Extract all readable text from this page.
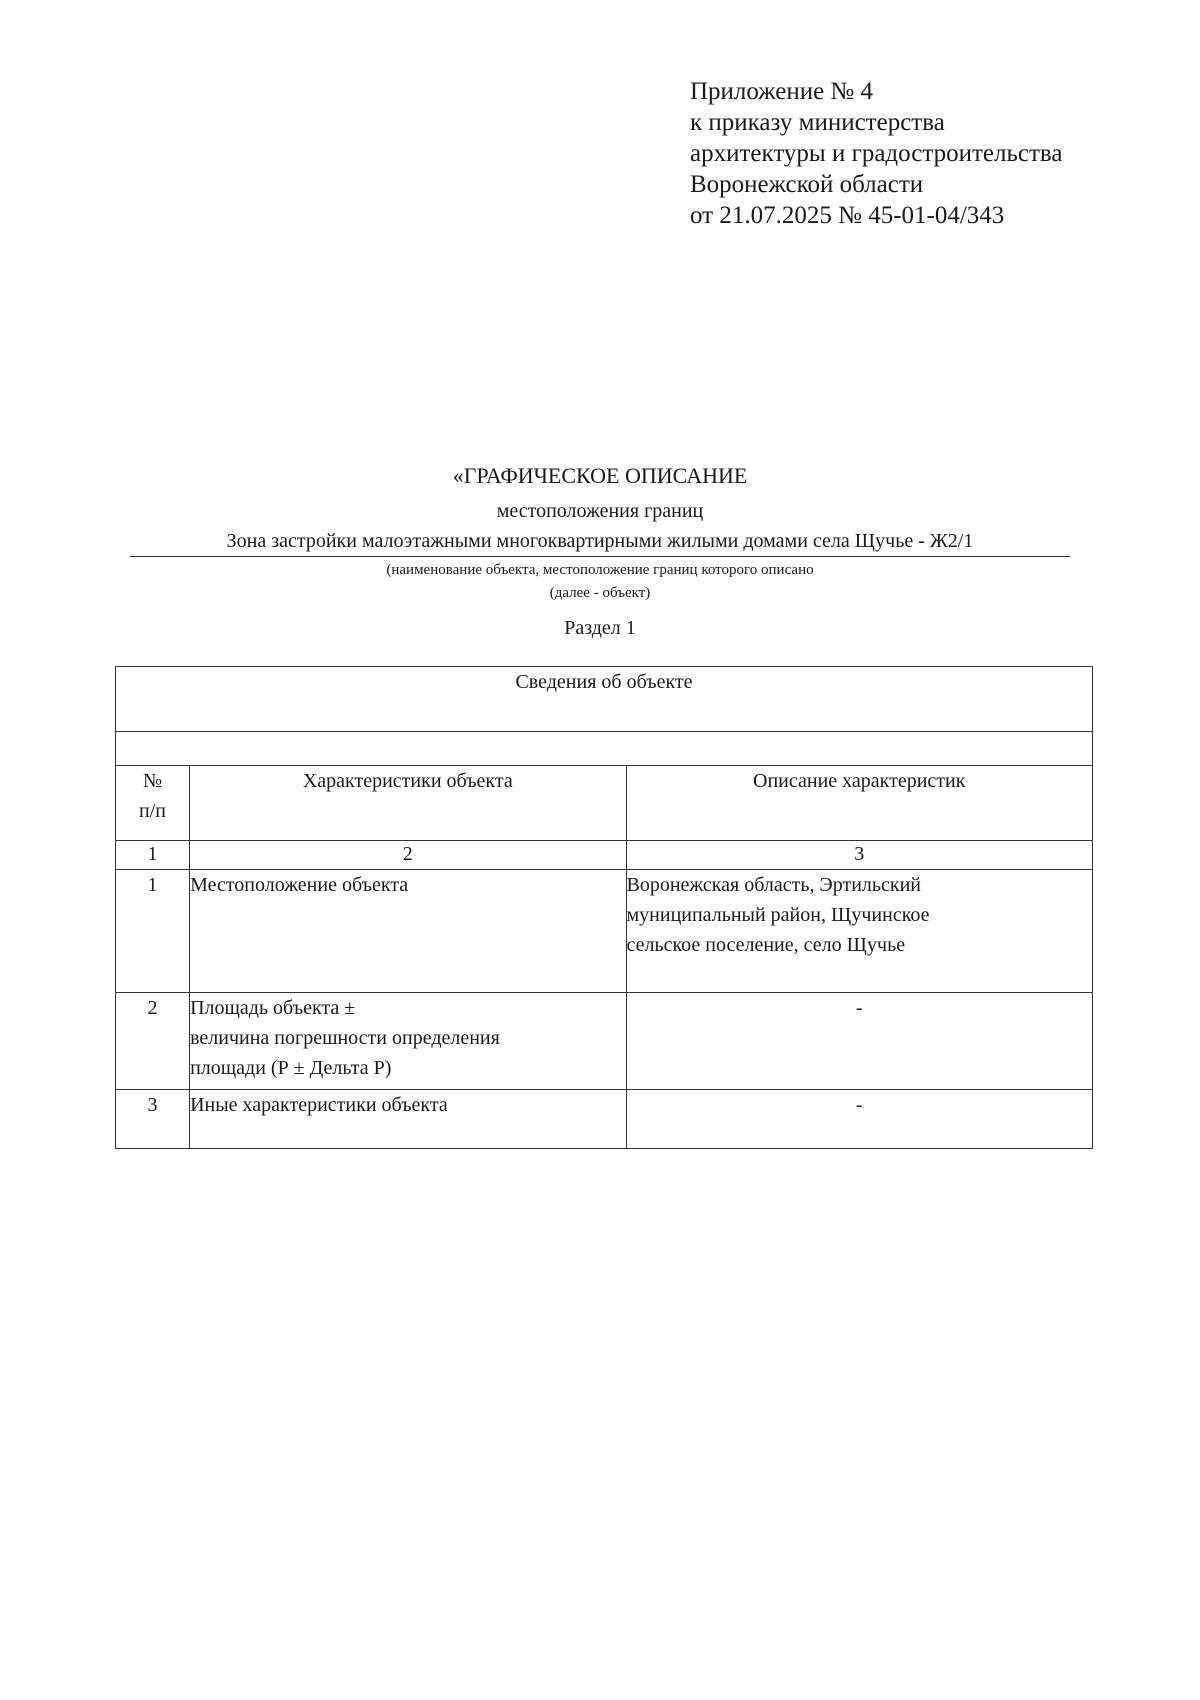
Приложение № 4
к приказу министерства
архитектуры и градостроительства
Воронежской области
от 21.07.2025 № 45-01-04/343
«ГРАФИЧЕСКОЕ ОПИСАНИЕ
местоположения границ
Зона застройки малоэтажными многоквартирными жилыми домами села Щучье - Ж2/1
(наименование объекта, местоположение границ которого описано
(далее - объект)
Раздел 1
Сведения об объекте		

№
п/п	Характеристики объекта	Описание характеристик
1	2	3
1	Местоположение объекта	Воронежская область, Эртильский
муниципальный район, Щучинское
сельское поселение, село Щучье

2	Площадь объекта ±
величина погрешности определения
площади (Р ± Дельта Р)	-
3	Иные характеристики объекта	-
